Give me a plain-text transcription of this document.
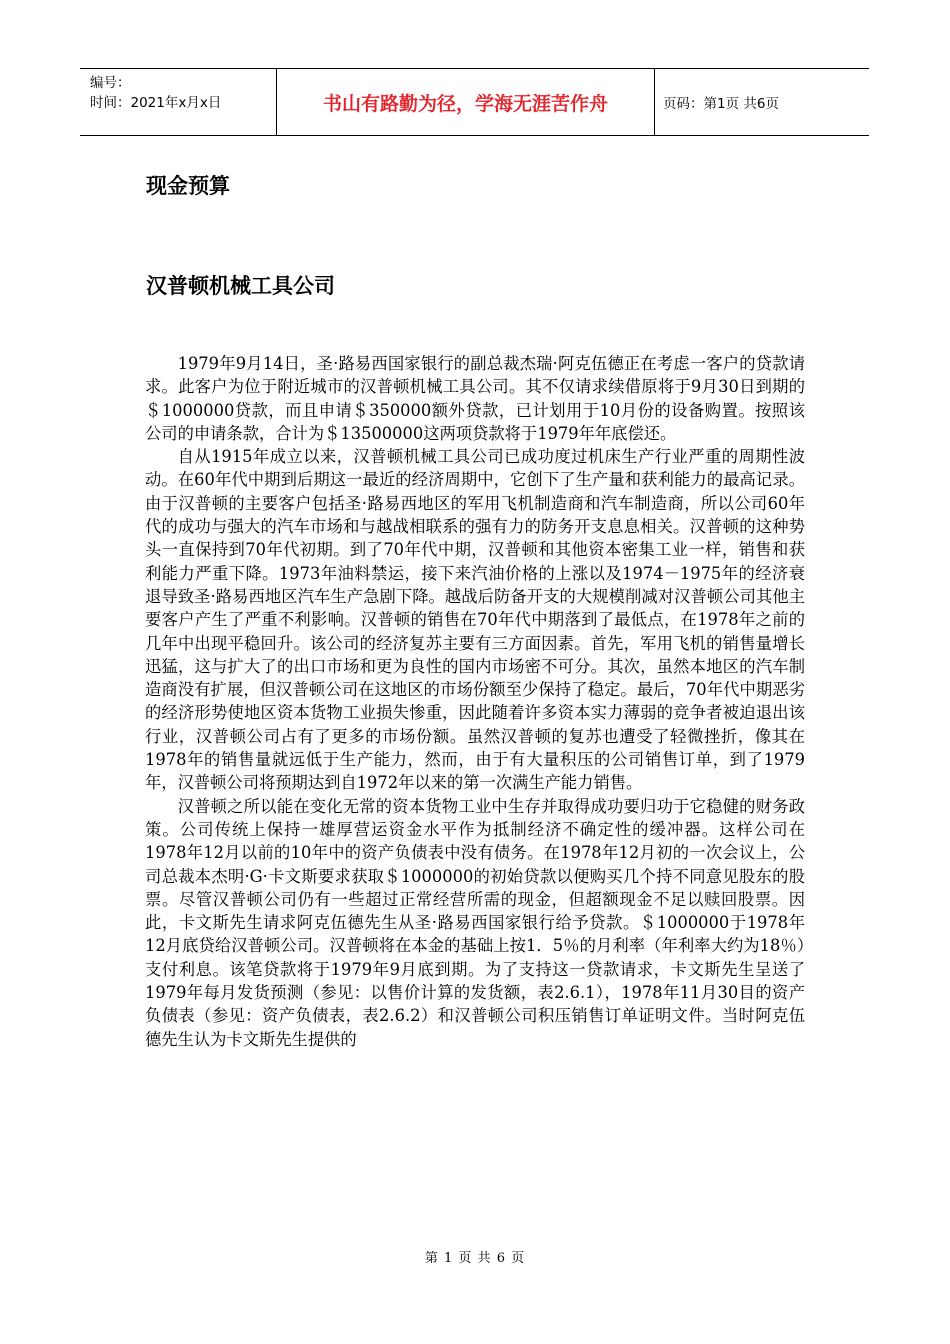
编号：

时间：2021年x月x日	书山有路勤为径，学海无涯苦作舟	页码：第1页 共6页
现金预算
汉普顿机械工具公司

1979年9月14日，圣·路易西国家银行的副总裁杰瑞·阿克伍德正在考虑一客户的贷款请求。此客户为位于附近城市的汉普顿机械工具公司。其不仅请求续借原将于9月30日到期的＄1000000贷款，而且申请＄350000额外贷款，已计划用于10月份的设备购置。按照该公司的申请条款，合计为＄13500000这两项贷款将于1979年年底偿还。

自从1915年成立以来，汉普顿机械工具公司已成功度过机床生产行业严重的周期性波动。在60年代中期到后期这一最近的经济周期中，它创下了生产量和获利能力的最高记录。由于汉普顿的主要客户包括圣·路易西地区的军用飞机制造商和汽车制造商，所以公司60年代的成功与强大的汽车市场和与越战相联系的强有力的防务开支息息相关。汉普顿的这种势头一直保持到70年代初期。到了70年代中期，汉普顿和其他资本密集工业一样，销售和获利能力严重下降。1973年油料禁运，接下来汽油价格的上涨以及1974－1975年的经济衰退导致圣·路易西地区汽车生产急剧下降。越战后防备开支的大规模削减对汉普顿公司其他主要客户产生了严重不利影响。汉普顿的销售在70年代中期落到了最低点，在1978年之前的几年中出现平稳回升。该公司的经济复苏主要有三方面因素。首先，军用飞机的销售量增长迅猛，这与扩大了的出口市场和更为良性的国内市场密不可分。其次，虽然本地区的汽车制造商没有扩展，但汉普顿公司在这地区的市场份额至少保持了稳定。最后，70年代中期恶劣的经济形势使地区资本货物工业损失惨重，因此随着许多资本实力薄弱的竞争者被迫退出该行业，汉普顿公司占有了更多的市场份额。虽然汉普顿的复苏也遭受了轻微挫折，像其在1978年的销售量就远低于生产能力，然而，由于有大量积压的公司销售订单，到了1979年，汉普顿公司将预期达到自1972年以来的第一次满生产能力销售。

汉普顿之所以能在变化无常的资本货物工业中生存并取得成功要归功于它稳健的财务政策。公司传统上保持一雄厚营运资金水平作为抵制经济不确定性的缓冲器。这样公司在1978年12月以前的10年中的资产负债表中没有债务。在1978年12月初的一次会议上，公司总裁本杰明·G·卡文斯要求获取＄1000000的初始贷款以便购买几个持不同意见股东的股票。尽管汉普顿公司仍有一些超过正常经营所需的现金，但超额现金不足以赎回股票。因此，卡文斯先生请求阿克伍德先生从圣·路易西国家银行给予贷款。＄1000000于1978年12月底贷给汉普顿公司。汉普顿将在本金的基础上按1．5％的月利率（年利率大约为18％）支付利息。该笔贷款将于1979年9月底到期。为了支持这一贷款请求，卡文斯先生呈送了1979年每月发货预测（参见：以售价计算的发货额，表2.6.1），1978年11月30目的资产负债表（参见：资产负债表，表2.6.2）和汉普顿公司积压销售订单证明文件。当时阿克伍德先生认为卡文斯先生提供的

第 1 页 共 6 页
